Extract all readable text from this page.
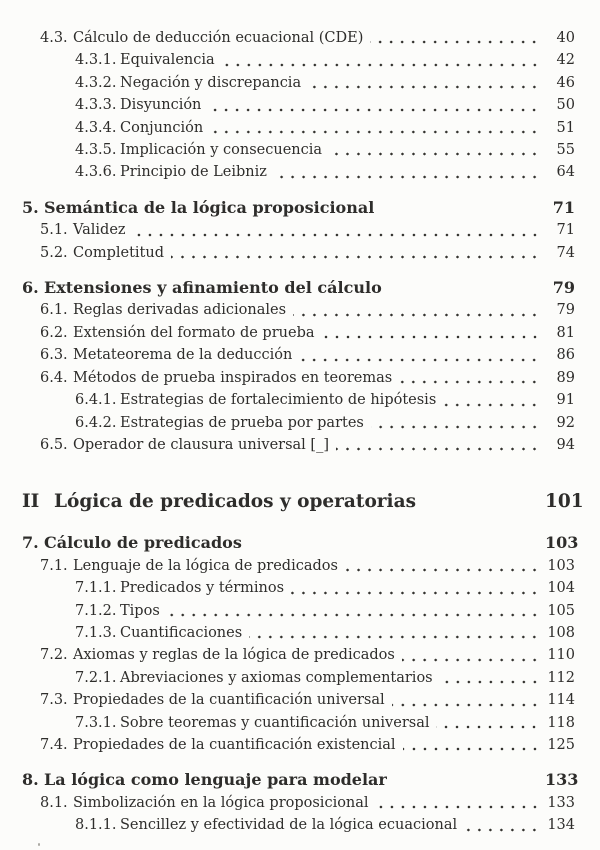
4.3. Cálculo de deducción ecuacional (CDE)	40
4.3.1. Equivalencia	42
4.3.2. Negación y discrepancia	46
4.3.3. Disyunción	50
4.3.4. Conjunción	51
4.3.5. Implicación y consecuencia	55
4.3.6. Principio de Leibniz	64
5. Semántica de la lógica proposicional	71
5.1. Validez	71
5.2. Completitud	74
6. Extensiones y afinamiento del cálculo	79
6.1. Reglas derivadas adicionales	79
6.2. Extensión del formato de prueba	81
6.3. Metateorema de la deducción	86
6.4. Métodos de prueba inspirados en teoremas	89
6.4.1. Estrategias de fortalecimiento de hipótesis	91
6.4.2. Estrategias de prueba por partes	92
6.5. Operador de clausura universal [_]	94
II Lógica de predicados y operatorias	101
7. Cálculo de predicados	103
7.1. Lenguaje de la lógica de predicados	103
7.1.1. Predicados y términos	104
7.1.2. Tipos	105
7.1.3. Cuantificaciones	108
7.2. Axiomas y reglas de la lógica de predicados	110
7.2.1. Abreviaciones y axiomas complementarios	112
7.3. Propiedades de la cuantificación universal	114
7.3.1. Sobre teoremas y cuantificación universal	118
7.4. Propiedades de la cuantificación existencial	125
8. La lógica como lenguaje para modelar	133
8.1. Simbolización en la lógica proposicional	133
8.1.1. Sencillez y efectividad de la lógica ecuacional	134
